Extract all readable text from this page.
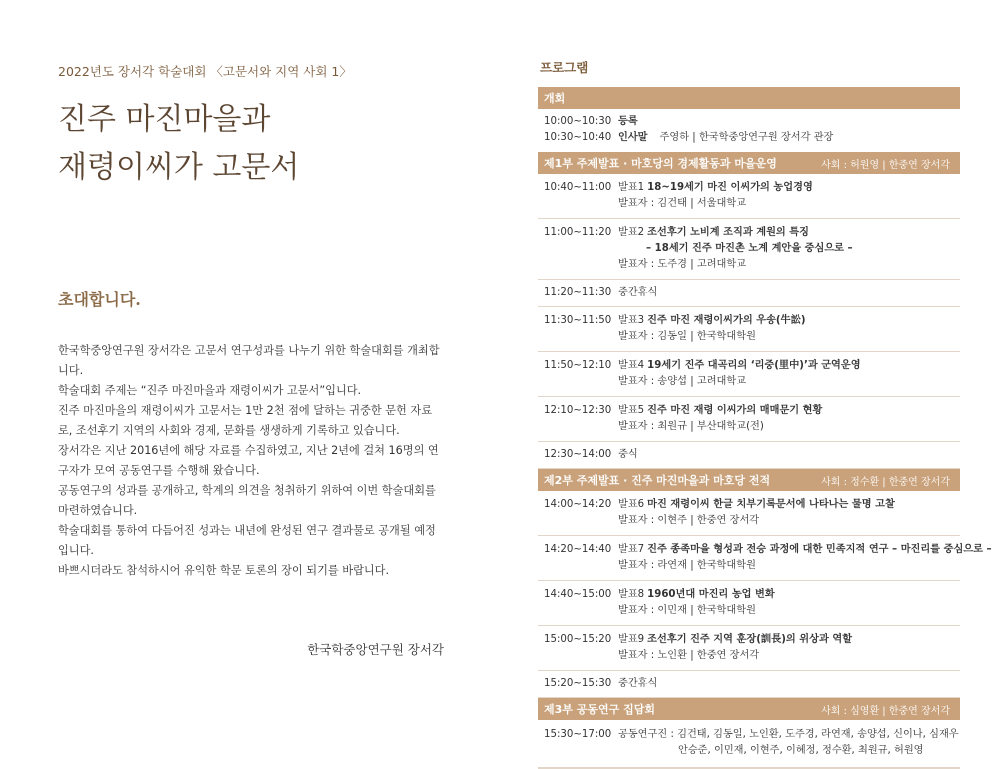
2022년도 장서각 학술대회 〈고문서와 지역 사회 1〉
진주 마진마을과
재령이씨가 고문서
초대합니다.

한국학중앙연구원 장서각은 고문서 연구성과를 나누기 위한 학술대회를 개최합니다.

학술대회 주제는 “진주 마진마을과 재령이씨가 고문서”입니다.

진주 마진마을의 재령이씨가 고문서는 1만 2천 점에 달하는 귀중한 문헌 자료로, 조선후기 지역의 사회와 경제, 문화를 생생하게 기록하고 있습니다.

장서각은 지난 2016년에 해당 자료를 수집하였고, 지난 2년에 걸쳐 16명의 연구자가 모여 공동연구를 수행해 왔습니다.

공동연구의 성과를 공개하고, 학계의 의견을 청취하기 위하여 이번 학술대회를 마련하였습니다.

학술대회를 통하여 다듬어진 성과는 내년에 완성된 연구 결과물로 공개될 예정입니다.

바쁘시더라도 참석하시어 유익한 학문 토론의 장이 되기를 바랍니다.

한국학중앙연구원 장서각
프로그램
개회
10:00~10:30 등록
10:30~10:40 인사말 주영하 | 한국학중앙연구원 장서각 관장
제1부 주제발표 · 마호당의 경제활동과 마을운영	사회 : 허원영 | 한중연 장서각
10:40~11:00 발표1 18~19세기 마진 이씨가의 농업경영
발표자 : 김건태 | 서울대학교
11:00~11:20 발표2 조선후기 노비계 조직과 계원의 특징
– 18세기 진주 마진촌 노계 계안을 중심으로 –
발표자 : 도주경 | 고려대학교
11:20~11:30 중간휴식
11:30~11:50 발표3 진주 마진 재령이씨가의 우송(牛訟)
발표자 : 김동일 | 한국학대학원
11:50~12:10 발표4 19세기 진주 대곡리의 ‘리중(里中)’과 군역운영
발표자 : 송양섭 | 고려대학교
12:10~12:30 발표5 진주 마진 재령 이씨가의 매매문기 현황
발표자 : 최원규 | 부산대학교(전)
12:30~14:00 중식
제2부 주제발표 · 진주 마진마을과 마호당 전적	사회 : 정수환 | 한중연 장서각
14:00~14:20 발표6 마진 재령이씨 한글 치부기록문서에 나타나는 물명 고찰
발표자 : 이현주 | 한중연 장서각
14:20~14:40 발표7 진주 종족마을 형성과 전승 과정에 대한 민족지적 연구 – 마진리를 중심으로 –
발표자 : 라연재 | 한국학대학원
14:40~15:00 발표8 1960년대 마진리 농업 변화
발표자 : 이민재 | 한국학대학원
15:00~15:20 발표9 조선후기 진주 지역 훈장(訓長)의 위상과 역할
발표자 : 노인환 | 한중연 장서각
15:20~15:30 중간휴식
제3부 공동연구 집담회	사회 : 심영환 | 한중연 장서각
15:30~17:00 공동연구진 : 김건태, 김동일, 노인환, 도주경, 라연재, 송양섭, 신이나, 심재우
안승준, 이민재, 이현주, 이혜정, 정수환, 최원규, 허원영
